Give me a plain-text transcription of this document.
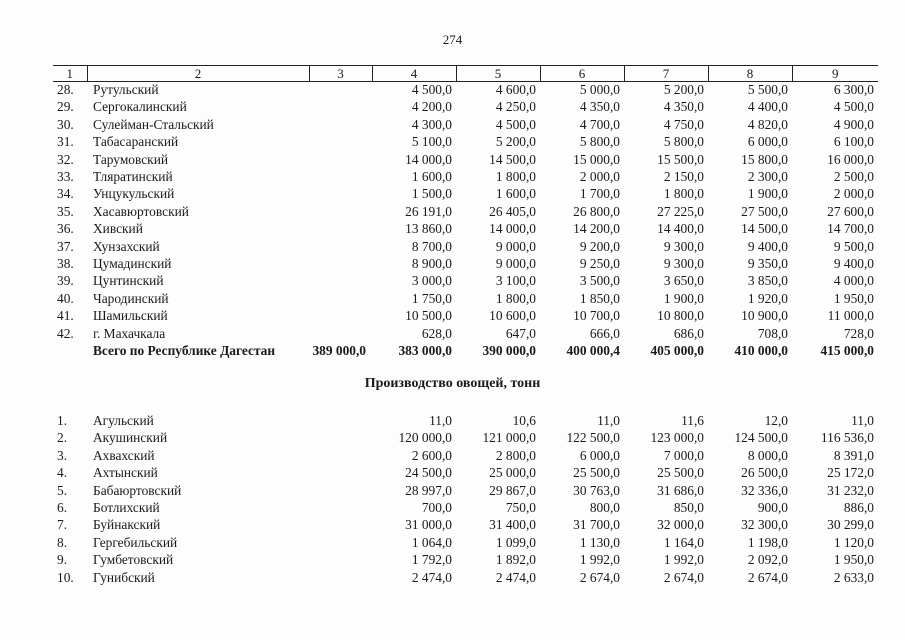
274
1	2	3	4	5	6	7	8	9
28.	Рутульский		4 500,0	4 600,0	5 000,0	5 200,0	5 500,0	6 300,0
29.	Сергокалинский		4 200,0	4 250,0	4 350,0	4 350,0	4 400,0	4 500,0
30.	Сулейман-Стальский		4 300,0	4 500,0	4 700,0	4 750,0	4 820,0	4 900,0
31.	Табасаранский		5 100,0	5 200,0	5 800,0	5 800,0	6 000,0	6 100,0
32.	Тарумовский		14 000,0	14 500,0	15 000,0	15 500,0	15 800,0	16 000,0
33.	Тляратинский		1 600,0	1 800,0	2 000,0	2 150,0	2 300,0	2 500,0
34.	Унцукульский		1 500,0	1 600,0	1 700,0	1 800,0	1 900,0	2 000,0
35.	Хасавюртовский		26 191,0	26 405,0	26 800,0	27 225,0	27 500,0	27 600,0
36.	Хивский		13 860,0	14 000,0	14 200,0	14 400,0	14 500,0	14 700,0
37.	Хунзахский		8 700,0	9 000,0	9 200,0	9 300,0	9 400,0	9 500,0
38.	Цумадинский		8 900,0	9 000,0	9 250,0	9 300,0	9 350,0	9 400,0
39.	Цунтинский		3 000,0	3 100,0	3 500,0	3 650,0	3 850,0	4 000,0
40.	Чародинский		1 750,0	1 800,0	1 850,0	1 900,0	1 920,0	1 950,0
41.	Шамильский		10 500,0	10 600,0	10 700,0	10 800,0	10 900,0	11 000,0
42.	г. Махачкала		628,0	647,0	666,0	686,0	708,0	728,0
	Всего по Республике Дагестан	389 000,0	383 000,0	390 000,0	400 000,4	405 000,0	410 000,0	415 000,0
Производство овощей, тонн
1.	Агульский		11,0	10,6	11,0	11,6	12,0	11,0
2.	Акушинский		120 000,0	121 000,0	122 500,0	123 000,0	124 500,0	116 536,0
3.	Ахвахский		2 600,0	2 800,0	6 000,0	7 000,0	8 000,0	8 391,0
4.	Ахтынский		24 500,0	25 000,0	25 500,0	25 500,0	26 500,0	25 172,0
5.	Бабаюртовский		28 997,0	29 867,0	30 763,0	31 686,0	32 336,0	31 232,0
6.	Ботлихский		700,0	750,0	800,0	850,0	900,0	886,0
7.	Буйнакский		31 000,0	31 400,0	31 700,0	32 000,0	32 300,0	30 299,0
8.	Гергебильский		1 064,0	1 099,0	1 130,0	1 164,0	1 198,0	1 120,0
9.	Гумбетовский		1 792,0	1 892,0	1 992,0	1 992,0	2 092,0	1 950,0
10.	Гунибский		2 474,0	2 474,0	2 674,0	2 674,0	2 674,0	2 633,0
